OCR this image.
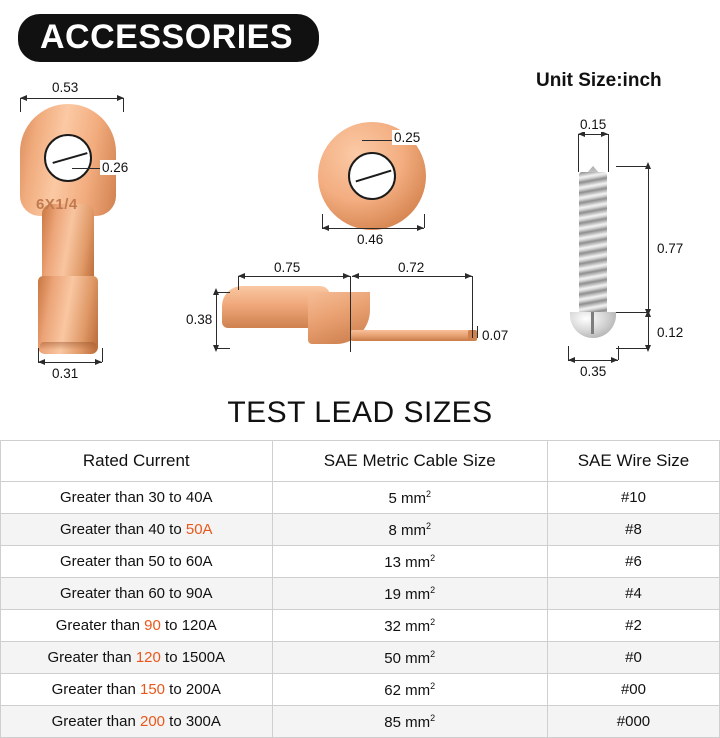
ACCESSORIES
Unit Size:inch
6X1/4
0.53
0.26
0.31
0.25
0.46
0.75	0.72
0.38
0.07
0.15
0.77
0.12
0.35
TEST LEAD SIZES
Rated Current	SAE Metric Cable Size	SAE Wire Size
Greater than 30 to 40A	5 $mm^2$	#10
Greater than 40 to 50A	8 $mm^2$	#8
Greater than 50 to 60A	13 $mm^2$	#6
Greater than 60 to 90A	19 $mm^2$	#4
Greater than 90 to 120A	32 $mm^2$	#2
Greater than 120 to 1500A	50 $mm^2$	#0
Greater than 150 to 200A	62 $mm^2$	#00
Greater than 200 to 300A	85 $mm^2$	#000
